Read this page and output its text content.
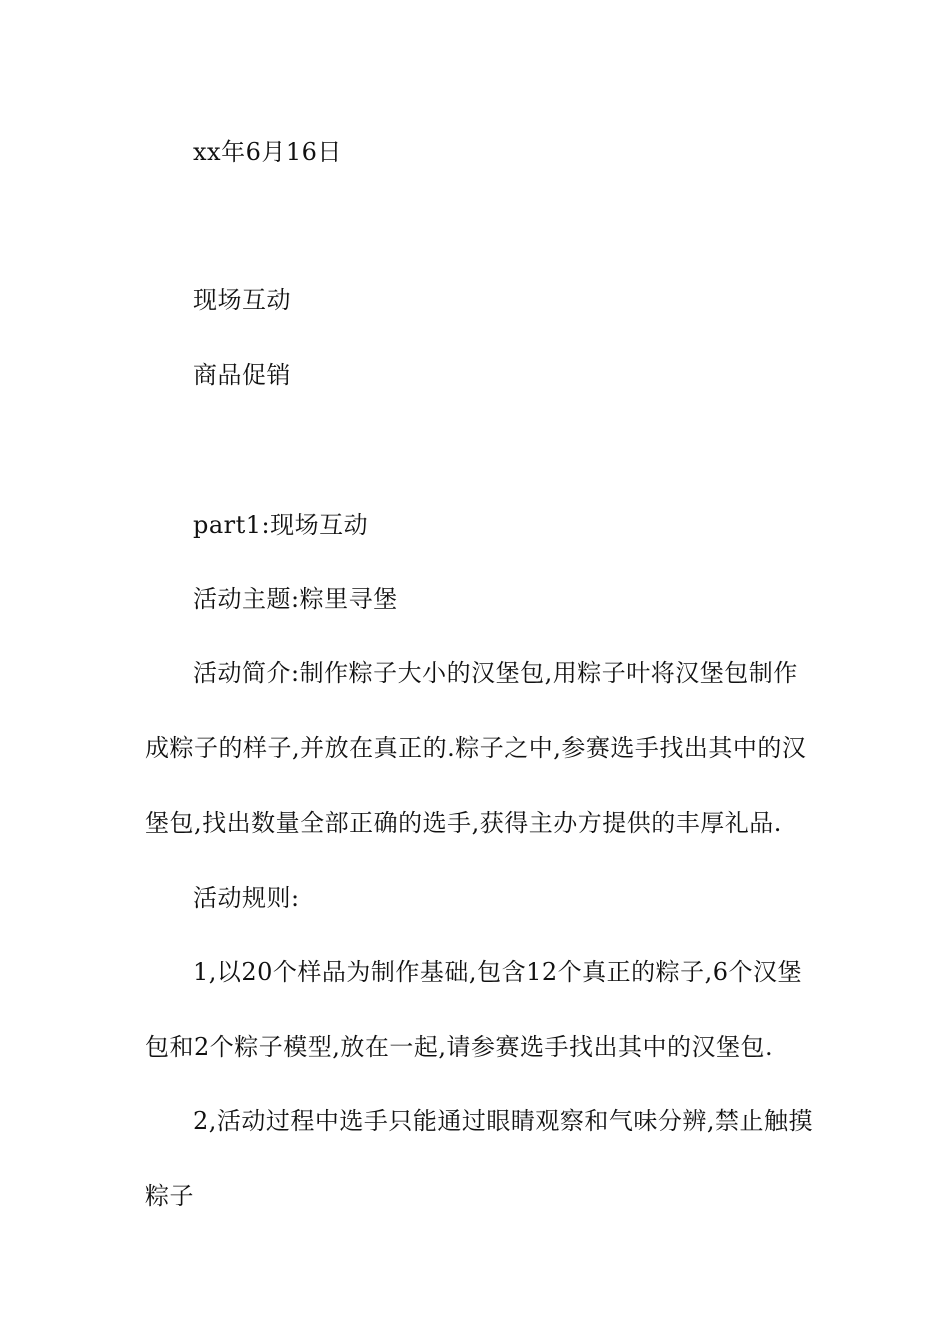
xx年6月16日
现场互动
商品促销
part1:现场互动
活动主题:粽里寻堡
活动简介:制作粽子大小的汉堡包,用粽子叶将汉堡包制作
成粽子的样子,并放在真正的.粽子之中,参赛选手找出其中的汉
堡包,找出数量全部正确的选手,获得主办方提供的丰厚礼品.
活动规则:
1,以20个样品为制作基础,包含12个真正的粽子,6个汉堡
包和2个粽子模型,放在一起,请参赛选手找出其中的汉堡包.
2,活动过程中选手只能通过眼睛观察和气味分辨,禁止触摸
粽子
